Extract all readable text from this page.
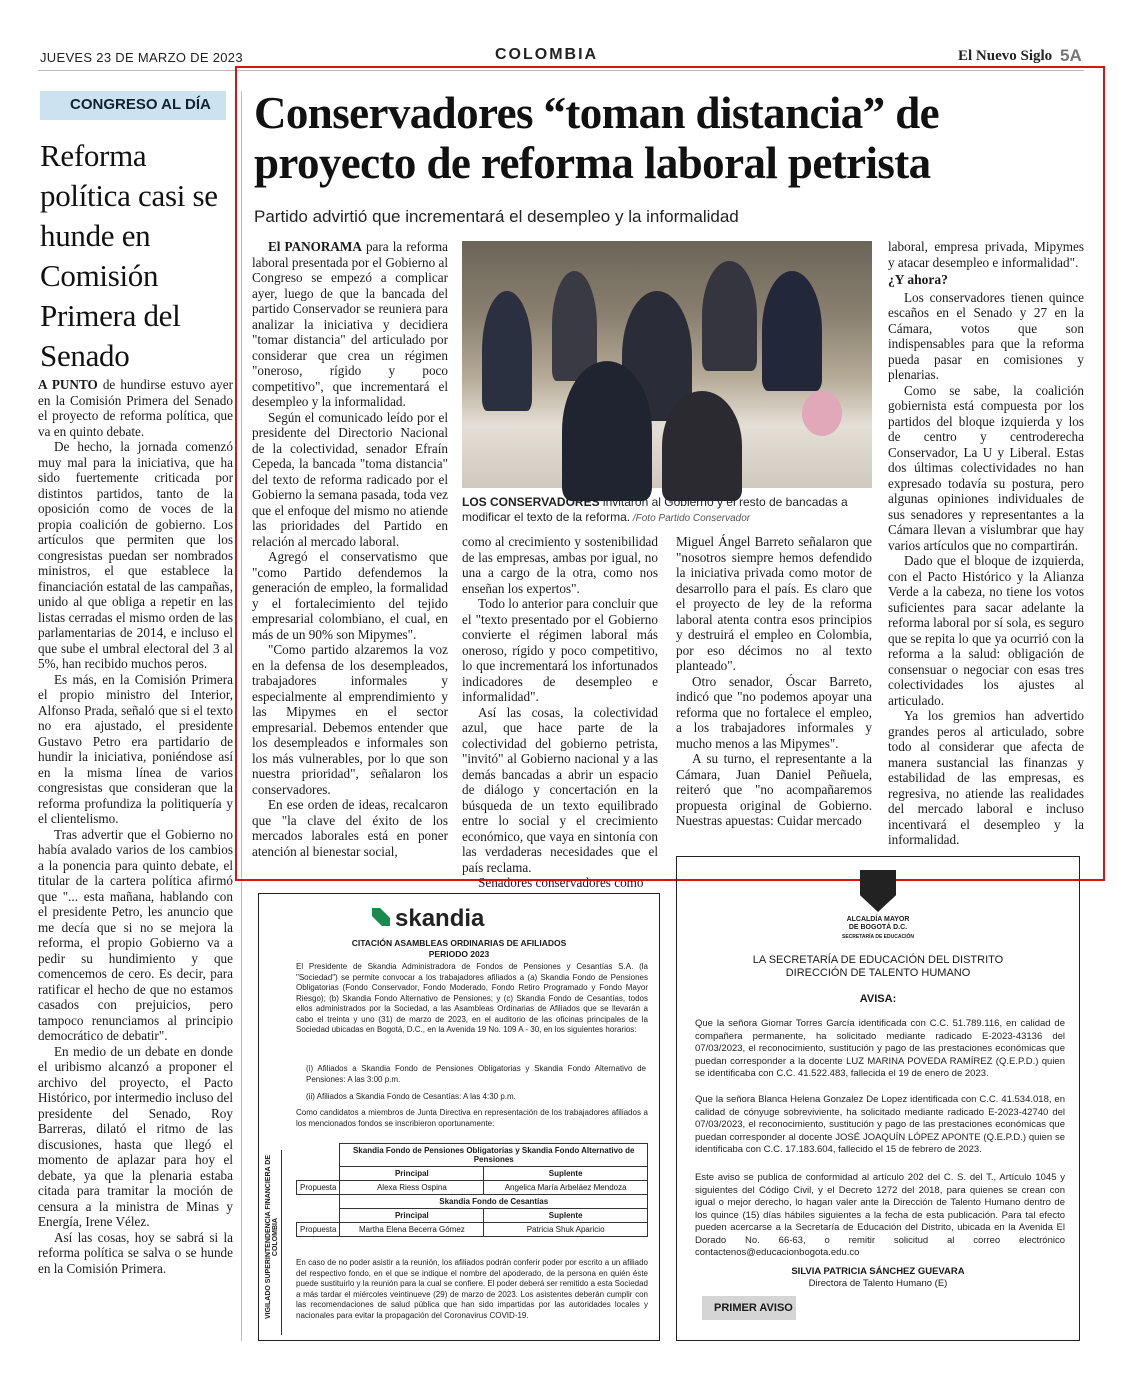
JUEVES 23 DE MARZO DE 2023	COLOMBIA	El Nuevo Siglo 5A
CONGRESO AL DÍA
Reforma política casi se hunde en Comisión Primera del Senado

A PUNTO de hundirse estuvo ayer en la Comisión Primera del Senado el proyecto de reforma política, que va en quinto debate.

De hecho, la jornada comenzó muy mal para la iniciativa, que ha sido fuertemente criticada por distintos partidos, tanto de la oposición como de voces de la propia coalición de gobierno. Los artículos que permiten que los congresistas puedan ser nombrados ministros, el que establece la financiación estatal de las campañas, unido al que obliga a repetir en las listas cerradas el mismo orden de las parlamentarias de 2014, e incluso el que sube el umbral electoral del 3 al 5%, han recibido muchos peros.

Es más, en la Comisión Primera el propio ministro del Interior, Alfonso Prada, señaló que si el texto no era ajustado, el presidente Gustavo Petro era partidario de hundir la iniciativa, poniéndose así en la misma línea de varios congresistas que consideran que la reforma profundiza la politiquería y el clientelismo.

Tras advertir que el Gobierno no había avalado varios de los cambios a la ponencia para quinto debate, el titular de la cartera política afirmó que "... esta mañana, hablando con el presidente Petro, les anuncio que me decía que si no se mejora la reforma, el propio Gobierno va a pedir su hundimiento y que comencemos de cero. Es decir, para ratificar el hecho de que no estamos casados con prejuicios, pero tampoco renunciamos al principio democrático de debatir".

En medio de un debate en donde el uribismo alcanzó a proponer el archivo del proyecto, el Pacto Histórico, por intermedio incluso del presidente del Senado, Roy Barreras, dilató el ritmo de las discusiones, hasta que llegó el momento de aplazar para hoy el debate, ya que la plenaria estaba citada para tramitar la moción de censura a la ministra de Minas y Energía, Irene Vélez.

Así las cosas, hoy se sabrá si la reforma política se salva o se hunde en la Comisión Primera.

Conservadores “toman distancia” de proyecto de reforma laboral petrista
Partido advirtió que incrementará el desempleo y la informalidad

El PANORAMA para la reforma laboral presentada por el Gobierno al Congreso se empezó a complicar ayer, luego de que la bancada del partido Conservador se reuniera para analizar la iniciativa y decidiera "tomar distancia" del articulado por considerar que crea un régimen "oneroso, rígido y poco competitivo", que incrementará el desempleo y la informalidad.

Según el comunicado leído por el presidente del Directorio Nacional de la colectividad, senador Efraín Cepeda, la bancada "toma distancia" del texto de reforma radicado por el Gobierno la semana pasada, toda vez que el enfoque del mismo no atiende las prioridades del Partido en relación al mercado laboral.

Agregó el conservatismo que "como Partido defendemos la generación de empleo, la formalidad y el fortalecimiento del tejido empresarial colombiano, el cual, en más de un 90% son Mipymes".

"Como partido alzaremos la voz en la defensa de los desempleados, trabajadores informales y especialmente al emprendimiento y las Mipymes en el sector empresarial. Debemos entender que los desempleados e informales son los más vulnerables, por lo que son nuestra prioridad", señalaron los conservadores.

En ese orden de ideas, recalcaron que "la clave del éxito de los mercados laborales está en poner atención al bienestar social,

LOS CONSERVADORES invitaron al Gobierno y el resto de bancadas a modificar el texto de la reforma. /Foto Partido Conservador

como al crecimiento y sostenibilidad de las empresas, ambas por igual, no una a cargo de la otra, como nos enseñan los expertos".

Todo lo anterior para concluir que el "texto presentado por el Gobierno convierte el régimen laboral más oneroso, rígido y poco competitivo, lo que incrementará los infortunados indicadores de desempleo e informalidad".

Así las cosas, la colectividad azul, que hace parte de la colectividad del gobierno petrista, "invitó" al Gobierno nacional y a las demás bancadas a abrir un espacio de diálogo y concertación en la búsqueda de un texto equilibrado entre lo social y el crecimiento económico, que vaya en sintonía con las verdaderas necesidades que el país reclama.

Senadores conservadores como

Miguel Ángel Barreto señalaron que "nosotros siempre hemos defendido la iniciativa privada como motor de desarrollo para el país. Es claro que el proyecto de ley de la reforma laboral atenta contra esos principios y destruirá el empleo en Colombia, por eso décimos no al texto planteado".

Otro senador, Óscar Barreto, indicó que "no podemos apoyar una reforma que no fortalece el empleo, a los trabajadores informales y mucho menos a las Mipymes".

A su turno, el representante a la Cámara, Juan Daniel Peñuela, reiteró que "no acompañaremos propuesta original de Gobierno. Nuestras apuestas: Cuidar mercado

laboral, empresa privada, Mipymes y atacar desempleo e informalidad".

¿Y ahora?

Los conservadores tienen quince escaños en el Senado y 27 en la Cámara, votos que son indispensables para que la reforma pueda pasar en comisiones y plenarias.

Como se sabe, la coalición gobiernista está compuesta por los partidos del bloque izquierda y los de centro y centroderecha Conservador, La U y Liberal. Estas dos últimas colectividades no han expresado todavía su postura, pero algunas opiniones individuales de sus senadores y representantes a la Cámara llevan a vislumbrar que hay varios artículos que no compartirán.

Dado que el bloque de izquierda, con el Pacto Histórico y la Alianza Verde a la cabeza, no tiene los votos suficientes para sacar adelante la reforma laboral por sí sola, es seguro que se repita lo que ya ocurrió con la reforma a la salud: obligación de consensuar o negociar con esas tres colectividades los ajustes al articulado.

Ya los gremios han advertido grandes peros al articulado, sobre todo al considerar que afecta de manera sustancial las finanzas y estabilidad de las empresas, es regresiva, no atiende las realidades del mercado laboral e incluso incentivará el desempleo y la informalidad.

skandia
CITACIÓN ASAMBLEAS ORDINARIAS DE AFILIADOS
PERIODO 2023
El Presidente de Skandia Administradora de Fondos de Pensiones y Cesantías S.A. (la "Sociedad") se permite convocar a los trabajadores afiliados a (a) Skandia Fondo de Pensiones Obligatorias (Fondo Conservador, Fondo Moderado, Fondo Retiro Programado y Fondo Mayor Riesgo); (b) Skandia Fondo Alternativo de Pensiones; y (c) Skandia Fondo de Cesantías, todos ellos administrados por la Sociedad, a las Asambleas Ordinarias de Afiliados que se llevarán a cabo el treinta y uno (31) de marzo de 2023, en el auditorio de las oficinas principales de la Sociedad ubicadas en Bogotá, D.C., en la Avenida 19 No. 109 A - 30, en los siguientes horarios:
(i) Afiliados a Skandia Fondo de Pensiones Obligatorias y Skandia Fondo Alternativo de Pensiones: A las 3:00 p.m.
(ii) Afiliados a Skandia Fondo de Cesantías: A las 4:30 p.m.
Como candidatos a miembros de Junta Directiva en representación de los trabajadores afiliados a los mencionados fondos se inscribieron oportunamente:
	Skandia Fondo de Pensiones Obligatorias y Skandia Fondo Alternativo de Pensiones	
	Principal	Suplente
Propuesta	Alexa Riess Ospina	Angelica María Arbeláez Mendoza
	Skandia Fondo de Cesantías	
	Principal	Suplente
Propuesta	Martha Elena Becerra Gómez	Patricia Shuk Aparicio
VIGILADO SUPERINTENDENCIA FINANCIERA DE COLOMBIA
En caso de no poder asistir a la reunión, los afiliados podrán conferir poder por escrito a un afiliado del respectivo fondo, en el que se indique el nombre del apoderado, de la persona en quién éste puede sustituirlo y la reunión para la cual se confiere. El poder deberá ser remitido a esta Sociedad a más tardar el miércoles veintinueve (29) de marzo de 2023. Los asistentes deberán cumplir con las recomendaciones de salud pública que han sido impartidas por las autoridades locales y nacionales para evitar la propagación del Coronavirus COVID-19.
ALCALDÍA MAYOR
DE BOGOTÁ D.C.
SECRETARÍA DE EDUCACIÓN
LA SECRETARÍA DE EDUCACIÓN DEL DISTRITO
DIRECCIÓN DE TALENTO HUMANO
AVISA:
Que la señora Giomar Torres García identificada con C.C. 51.789.116, en calidad de compañera permanente, ha solicitado mediante radicado E-2023-43136 del 07/03/2023, el reconocimiento, sustitución y pago de las prestaciones económicas que puedan corresponder a la docente LUZ MARINA POVEDA RAMÍREZ (Q.E.P.D.) quien se identificaba con C.C. 41.522.483, fallecida el 19 de enero de 2023.
Que la señora Blanca Helena Gonzalez De Lopez identificada con C.C. 41.534.018, en calidad de cónyuge sobreviviente, ha solicitado mediante radicado E-2023-42740 del 07/03/2023, el reconocimiento, sustitución y pago de las prestaciones económicas que puedan corresponder al docente JOSÉ JOAQUÍN LÓPEZ APONTE (Q.E.P.D.) quien se identificaba con C.C. 17.183.604, fallecido el 15 de febrero de 2023.
Este aviso se publica de conformidad al artículo 202 del C. S. del T., Artículo 1045 y siguientes del Código Civil, y el Decreto 1272 del 2018, para quienes se crean con igual o mejor derecho, lo hagan valer ante la Dirección de Talento Humano dentro de los quince (15) días hábiles siguientes a la fecha de esta publicación. Para tal efecto pueden acercarse a la Secretaría de Educación del Distrito, ubicada en la Avenida El Dorado No. 66-63, o remitir solicitud al correo electrónico contactenos@educacionbogota.edu.co
SILVIA PATRICIA SÁNCHEZ GUEVARA
Directora de Talento Humano (E)
PRIMER AVISO
